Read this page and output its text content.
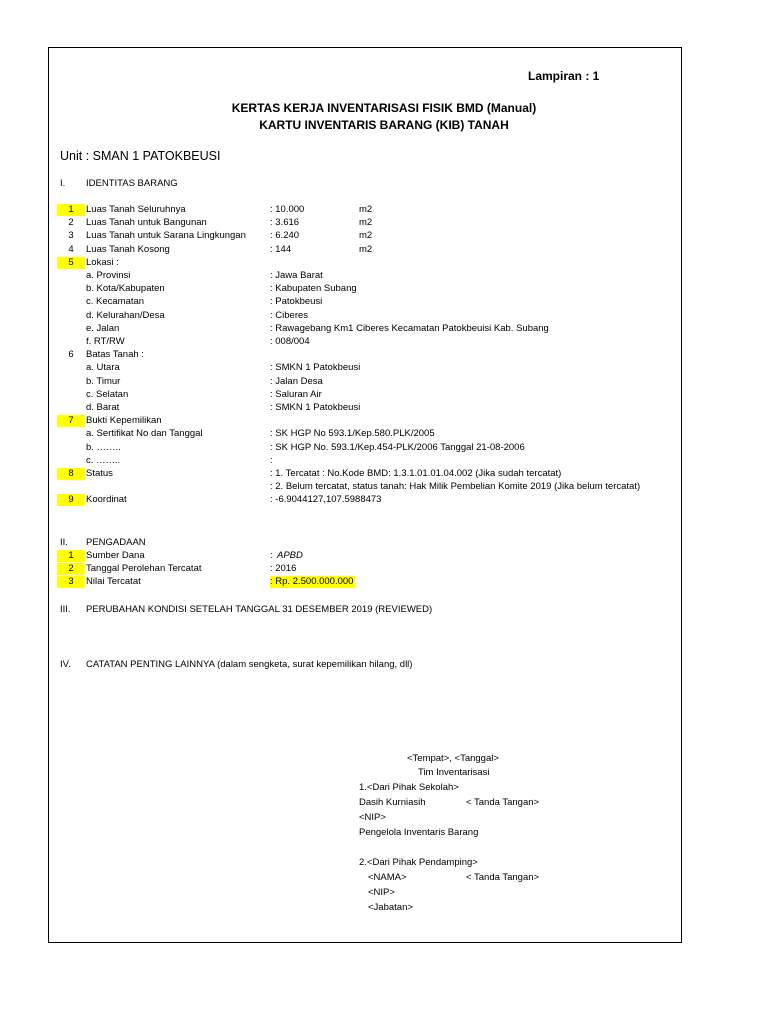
Lampiran : 1
KERTAS KERJA INVENTARISASI FISIK BMD (Manual)
KARTU INVENTARIS BARANG (KIB) TANAH
Unit : SMAN 1 PATOKBEUSI
I. IDENTITAS BARANG
1	Luas Tanah Seluruhnya	: 10.000	m2
2	Luas Tanah untuk Bangunan	: 3.616	m2
3	Luas Tanah untuk Sarana Lingkungan	: 6.240	m2
4	Luas Tanah Kosong	: 144	m2
5	Lokasi :
a. Provinsi	: Jawa Barat
b. Kota/Kabupaten	: Kabupaten Subang
c. Kecamatan	: Patokbeusi
d. Kelurahan/Desa	: Ciberes
e. Jalan	: Rawagebang Km1 Ciberes Kecamatan Patokbeuisi Kab. Subang
f. RT/RW	: 008/004
6	Batas Tanah :
a. Utara	: SMKN 1 Patokbeusi
b. Timur	: Jalan Desa
c. Selatan	: Saluran Air
d. Barat	: SMKN 1 Patokbeusi
7	Bukti Kepemilikan
a. Sertifikat No dan Tanggal	: SK HGP No 593.1/Kep.580.PLK/2005
b. ……..	: SK HGP No. 593.1/Kep.454-PLK/2006 Tanggal 21-08-2006
c. ……..	:
8	Status	: 1. Tercatat : No.Kode BMD: 1.3.1.01.01.04.002 (Jika sudah tercatat)
: 2. Belum tercatat, status tanah: Hak Milik Pembelian Komite 2019 (Jika belum tercatat)
9	Koordinat	: -6.9044127,107.5988473
II. PENGADAAN
1	Sumber Dana	: APBD
2	Tanggal Perolehan Tercatat	: 2016
3	Nilai Tercatat	: Rp. 2.500.000.000
III. PERUBAHAN KONDISI SETELAH TANGGAL 31 DESEMBER 2019 (REVIEWED)
IV. CATATAN PENTING LAINNYA (dalam sengketa, surat kepemilikan hilang, dll)
<Tempat>, <Tanggal>
Tim Inventarisasi
1.<Dari Pihak Sekolah>
Dasih Kurniasih	< Tanda Tangan>
<NIP>
Pengelola Inventaris Barang
2.<Dari Pihak Pendamping>
<NAMA>	< Tanda Tangan>
<NIP>
<Jabatan>
